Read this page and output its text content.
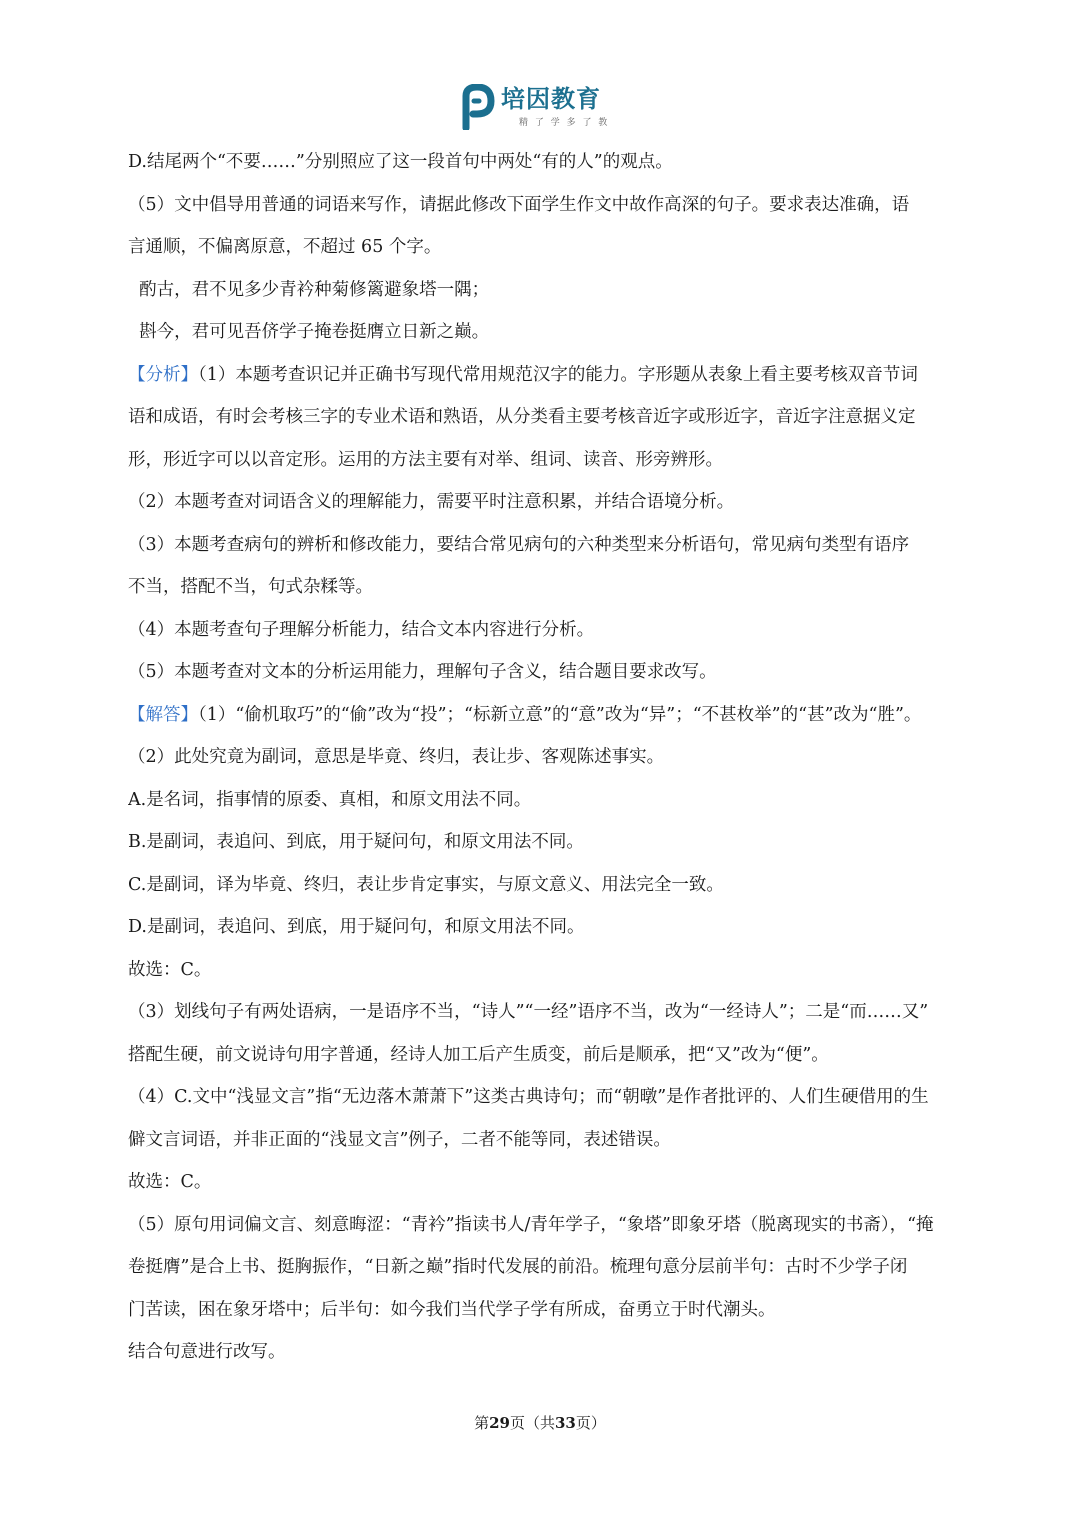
培因教育
精 了 学 多 了 教
D.结尾两个“不要……”分别照应了这一段首句中两处“有的人”的观点。
（5）文中倡导用普通的词语来写作，请据此修改下面学生作文中故作高深的句子。要求表达准确，语
言通顺，不偏离原意，不超过 65 个字。
酌古，君不见多少青衿种菊修篱避象塔一隅；
斟今，君可见吾侪学子掩卷挺膺立日新之巅。
【分析】（1）本题考查识记并正确书写现代常用规范汉字的能力。字形题从表象上看主要考核双音节词
语和成语，有时会考核三字的专业术语和熟语，从分类看主要考核音近字或形近字，音近字注意据义定
形，形近字可以以音定形。运用的方法主要有对举、组词、读音、形旁辨形。
（2）本题考查对词语含义的理解能力，需要平时注意积累，并结合语境分析。
（3）本题考查病句的辨析和修改能力，要结合常见病句的六种类型来分析语句，常见病句类型有语序
不当，搭配不当，句式杂糅等。
（4）本题考查句子理解分析能力，结合文本内容进行分析。
（5）本题考查对文本的分析运用能力，理解句子含义，结合题目要求改写。
【解答】（1）“偷机取巧”的“偷”改为“投”；“标新立意”的“意”改为“异”；“不甚枚举”的“甚”改为“胜”。
（2）此处究竟为副词，意思是毕竟、终归，表让步、客观陈述事实。
A.是名词，指事情的原委、真相，和原文用法不同。
B.是副词，表追问、到底，用于疑问句，和原文用法不同。
C.是副词，译为毕竟、终归，表让步肯定事实，与原文意义、用法完全一致。
D.是副词，表追问、到底，用于疑问句，和原文用法不同。
故选：C。
（3）划线句子有两处语病，一是语序不当，“诗人”“一经”语序不当，改为“一经诗人”；二是“而……又”
搭配生硬，前文说诗句用字普通，经诗人加工后产生质变，前后是顺承，把“又”改为“便”。
（4）C.文中“浅显文言”指“无边落木萧萧下”这类古典诗句；而“朝暾”是作者批评的、人们生硬借用的生
僻文言词语，并非正面的“浅显文言”例子，二者不能等同，表述错误。
故选：C。
（5）原句用词偏文言、刻意晦涩：“青衿”指读书人/青年学子，“象塔”即象牙塔（脱离现实的书斋），“掩
卷挺膺”是合上书、挺胸振作，“日新之巅”指时代发展的前沿。梳理句意分层前半句：古时不少学子闭
门苦读，困在象牙塔中；后半句：如今我们当代学子学有所成，奋勇立于时代潮头。
结合句意进行改写。
第29页（共33页）
